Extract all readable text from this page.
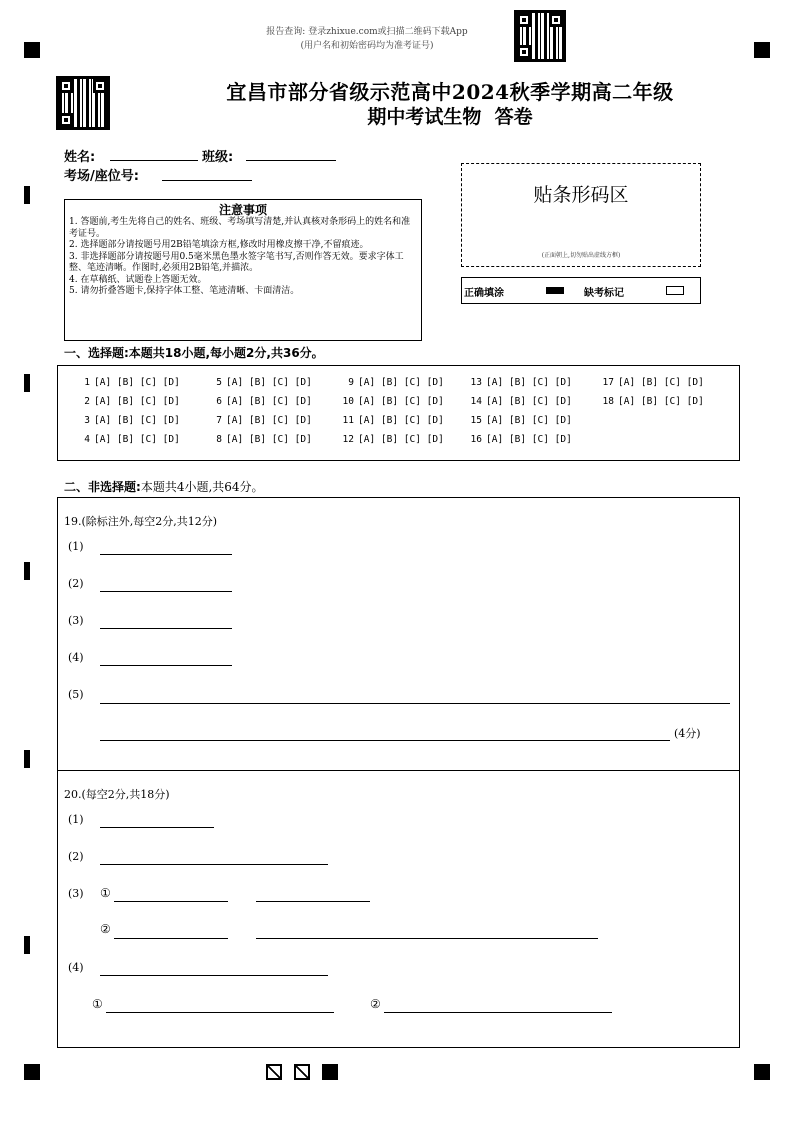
报告查询: 登录zhixue.com或扫描二维码下载App
(用户名和初始密码均为准考证号)
宜昌市部分省级示范高中2024秋季学期高二年级
期中考试生物  答卷
姓名:	班级:
考场/座位号:
贴条形码区
(正面朝上,切勿贴出虚线方框)
正确填涂	缺考标记
注意事项
1. 答题前,考生先将自己的姓名、班级、考场填写清楚,并认真核对条形码上的姓名和准考证号。
2. 选择题部分请按题号用2B铅笔填涂方框,修改时用橡皮擦干净,不留痕迹。
3. 非选择题部分请按题号用0.5毫米黑色墨水签字笔书写,否则作答无效。要求字体工整、笔迹清晰。作图时,必须用2B铅笔,并描浓。
4. 在草稿纸、试题卷上答题无效。
5. 请勿折叠答题卡,保持字体工整、笔迹清晰、卡面清洁。
一、选择题:本题共18小题,每小题2分,共36分。
1 [A] [B] [C] [D]
2 [A] [B] [C] [D]
3 [A] [B] [C] [D]
4 [A] [B] [C] [D]
5 [A] [B] [C] [D]
6 [A] [B] [C] [D]
7 [A] [B] [C] [D]
8 [A] [B] [C] [D]
9 [A] [B] [C] [D]
10 [A] [B] [C] [D]
11 [A] [B] [C] [D]
12 [A] [B] [C] [D]
13 [A] [B] [C] [D]
14 [A] [B] [C] [D]
15 [A] [B] [C] [D]
16 [A] [B] [C] [D]
17 [A] [B] [C] [D]
18 [A] [B] [C] [D]
二、非选择题:本题共4小题,共64分。
19.(除标注外,每空2分,共12分)
(1)
(2)
(3)
(4)
(5)
(4分)
20.(每空2分,共18分)
(1)
(2)
(3) ①
②
(4)
①	②
